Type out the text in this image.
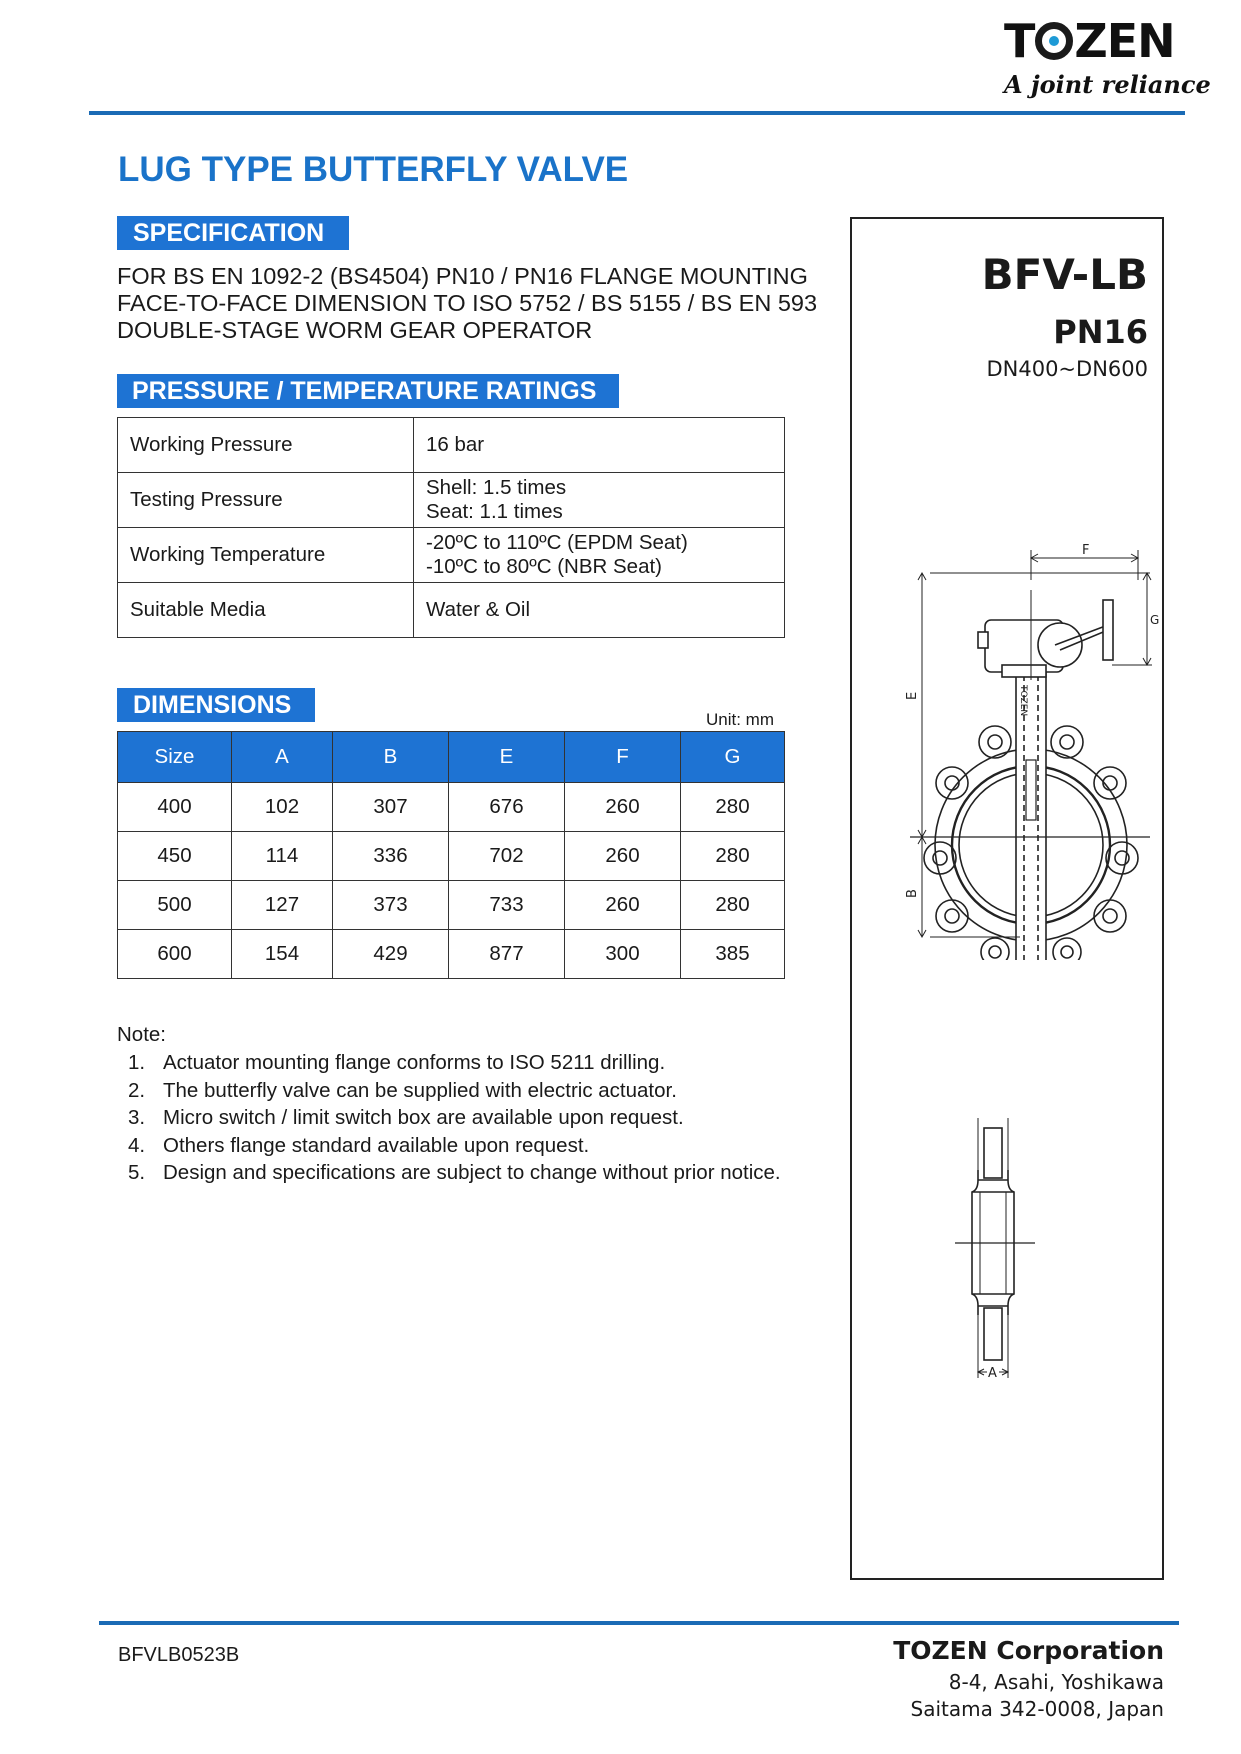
T ZEN
A joint reliance
LUG TYPE BUTTERFLY VALVE
SPECIFICATION
FOR BS EN 1092-2 (BS4504) PN10 / PN16 FLANGE MOUNTING
FACE-TO-FACE DIMENSION TO ISO 5752 / BS 5155 / BS EN 593
DOUBLE-STAGE WORM GEAR OPERATOR
PRESSURE / TEMPERATURE RATINGS
Working Pressure	16 bar

Testing Pressure	Shell: 1.5 times
Seat: 1.1 times

Working Temperature	-20ºC to 110ºC (EPDM Seat)
-10ºC to 80ºC (NBR Seat)

Suitable Media	Water & Oil
DIMENSIONS
Unit: mm
Size	A	B	E	F	G
400	102	307	676	260	280
450	114	336	702	260	280
500	127	373	733	260	280
600	154	429	877	300	385
Note:
1. Actuator mounting flange conforms to ISO 5211 drilling.
2. The butterfly valve can be supplied with electric actuator.
3. Micro switch / limit switch box are available upon request.
4. Others flange standard available upon request.
5. Design and specifications are subject to change without prior notice.
BFV-LB
PN16
DN400~DN600
TOZEN
F
G
E
B
A
BFVLB0523B	TOZEN Corporation
8-4, Asahi, Yoshikawa
Saitama 342-0008, Japan
